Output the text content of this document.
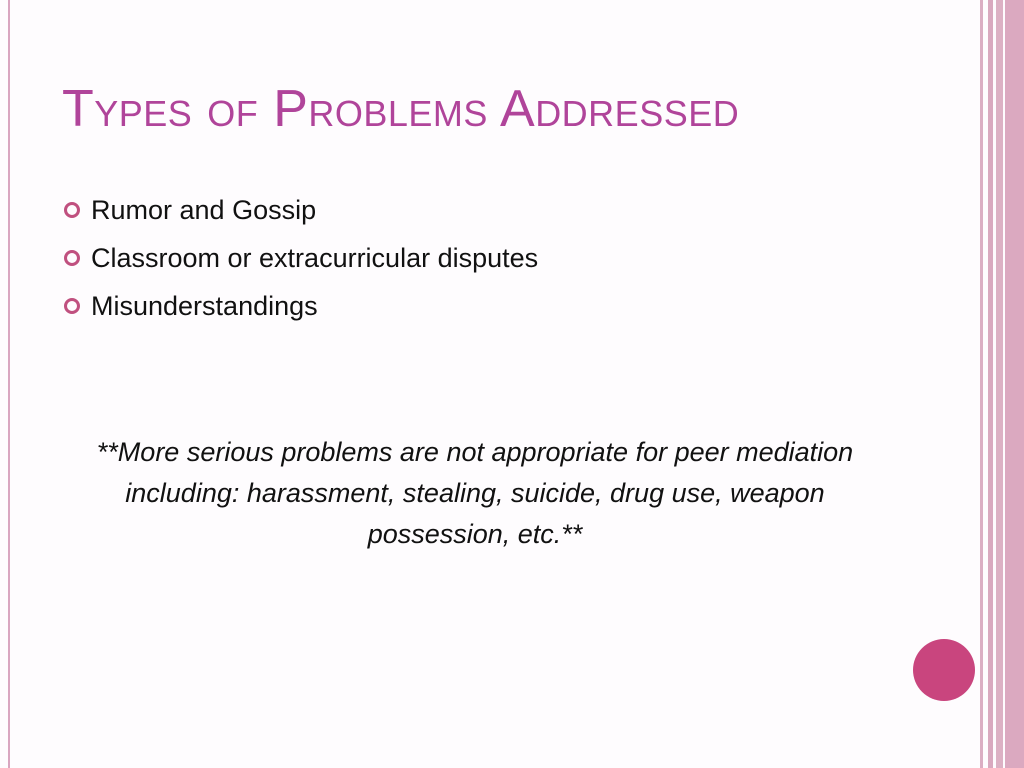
Types of Problems Addressed
Rumor and Gossip
Classroom or extracurricular disputes
Misunderstandings

**More serious problems are not appropriate for peer mediation including: harassment, stealing, suicide, drug use, weapon possession, etc.**
